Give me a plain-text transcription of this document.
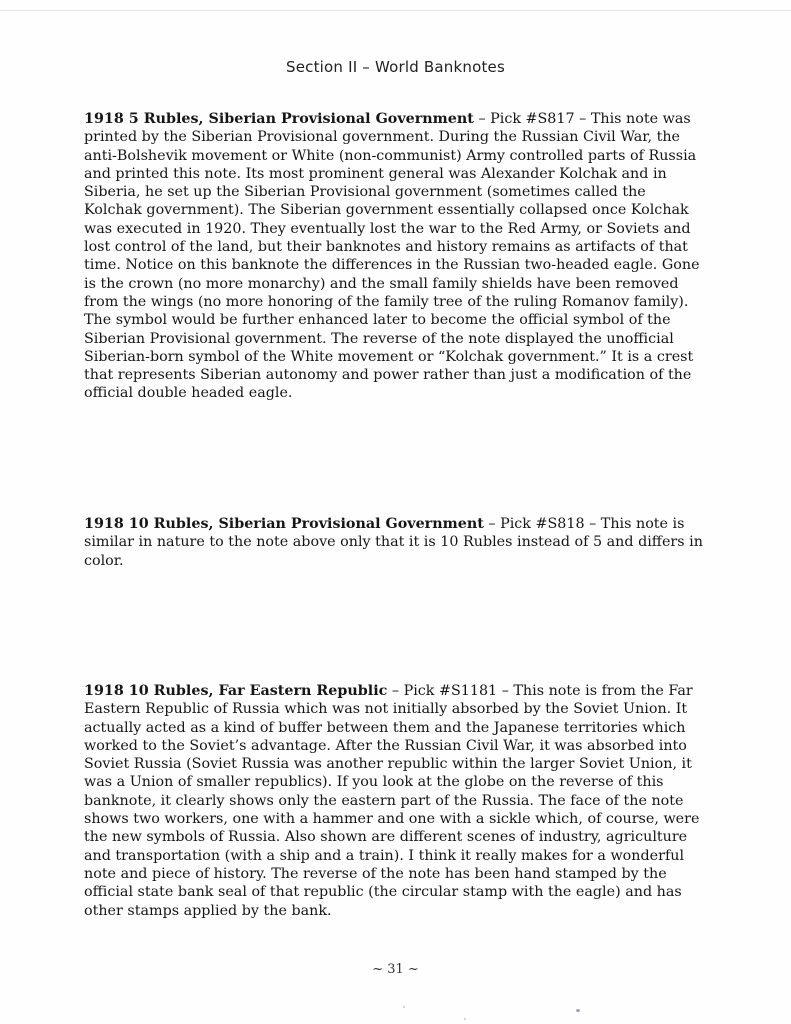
Section II – World Banknotes

1918 5 Rubles, Siberian Provisional Government – Pick #S817 – This note was printed by the Siberian Provisional government. During the Russian Civil War, the anti-Bolshevik movement or White (non-communist) Army controlled parts of Russia and printed this note. Its most prominent general was Alexander Kolchak and in Siberia, he set up the Siberian Provisional government (sometimes called the Kolchak government). The Siberian government essentially collapsed once Kolchak was executed in 1920. They eventually lost the war to the Red Army, or Soviets and lost control of the land, but their banknotes and history remains as artifacts of that time. Notice on this banknote the differences in the Russian two-headed eagle. Gone is the crown (no more monarchy) and the small family shields have been removed from the wings (no more honoring of the family tree of the ruling Romanov family). The symbol would be further enhanced later to become the official symbol of the Siberian Provisional government. The reverse of the note displayed the unofficial Siberian-born symbol of the White movement or “Kolchak government.” It is a crest that represents Siberian autonomy and power rather than just a modification of the official double headed eagle.

1918 10 Rubles, Siberian Provisional Government – Pick #S818 – This note is similar in nature to the note above only that it is 10 Rubles instead of 5 and differs in color.

1918 10 Rubles, Far Eastern Republic – Pick #S1181 – This note is from the Far Eastern Republic of Russia which was not initially absorbed by the Soviet Union. It actually acted as a kind of buffer between them and the Japanese territories which worked to the Soviet’s advantage. After the Russian Civil War, it was absorbed into Soviet Russia (Soviet Russia was another republic within the larger Soviet Union, it was a Union of smaller republics). If you look at the globe on the reverse of this banknote, it clearly shows only the eastern part of the Russia. The face of the note shows two workers, one with a hammer and one with a sickle which, of course, were the new symbols of Russia. Also shown are different scenes of industry, agriculture and transportation (with a ship and a train). I think it really makes for a wonderful note and piece of history. The reverse of the note has been hand stamped by the official state bank seal of that republic (the circular stamp with the eagle) and has other stamps applied by the bank.

~ 31 ~
